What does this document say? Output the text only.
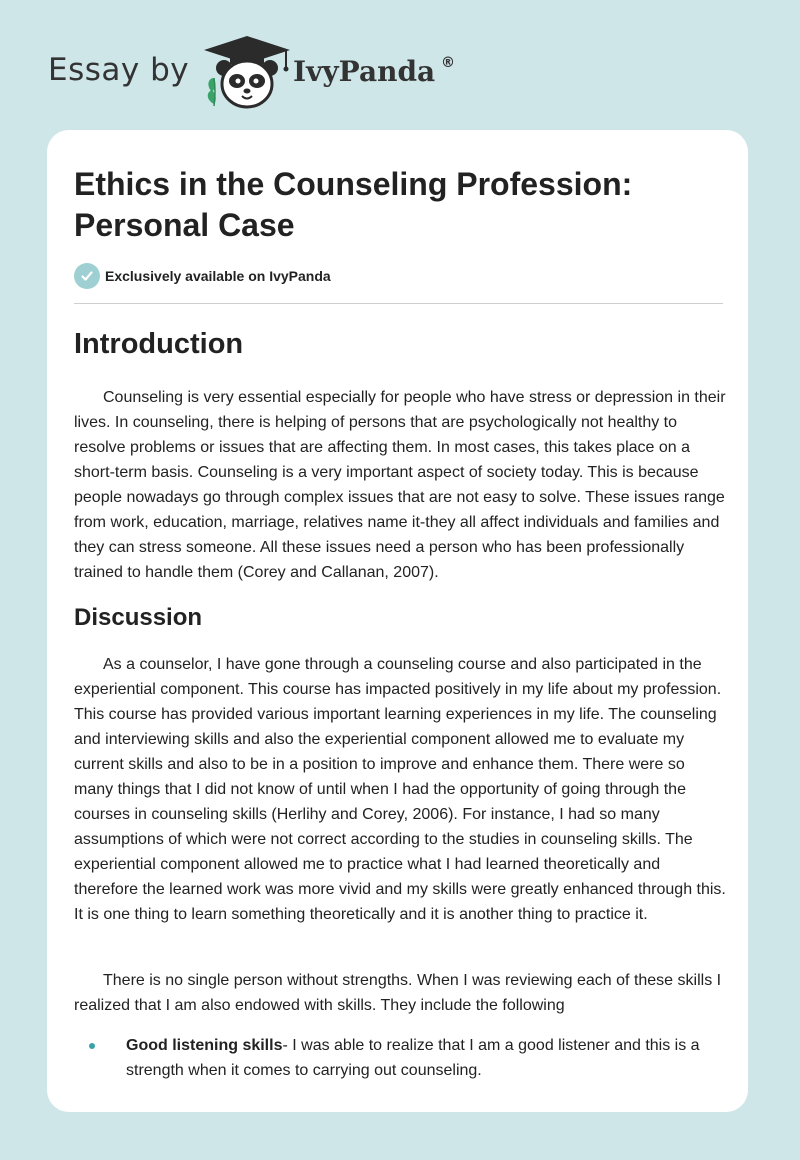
Essay by	IvyPanda ®
Ethics in the Counseling Profession: Personal Case
Exclusively available on IvyPanda
Introduction

Counseling is very essential especially for people who have stress or depression in their lives. In counseling, there is helping of persons that are psychologically not healthy to resolve problems or issues that are affecting them. In most cases, this takes place on a short-term basis. Counseling is a very important aspect of society today. This is because people nowadays go through complex issues that are not easy to solve. These issues range from work, education, marriage, relatives name it-they all affect individuals and families and they can stress someone. All these issues need a person who has been professionally trained to handle them (Corey and Callanan, 2007).

Discussion

As a counselor, I have gone through a counseling course and also participated in the experiential component. This course has impacted positively in my life about my profession. This course has provided various important learning experiences in my life. The counseling and interviewing skills and also the experiential component allowed me to evaluate my current skills and also to be in a position to improve and enhance them. There were so many things that I did not know of until when I had the opportunity of going through the courses in counseling skills (Herlihy and Corey, 2006). For instance, I had so many assumptions of which were not correct according to the studies in counseling skills. The experiential component allowed me to practice what I had learned theoretically and therefore the learned work was more vivid and my skills were greatly enhanced through this. It is one thing to learn something theoretically and it is another thing to practice it.

There is no single person without strengths. When I was reviewing each of these skills I realized that I am also endowed with skills. They include the following

Good listening skills- I was able to realize that I am a good listener and this is a strength when it comes to carrying out counseling.
